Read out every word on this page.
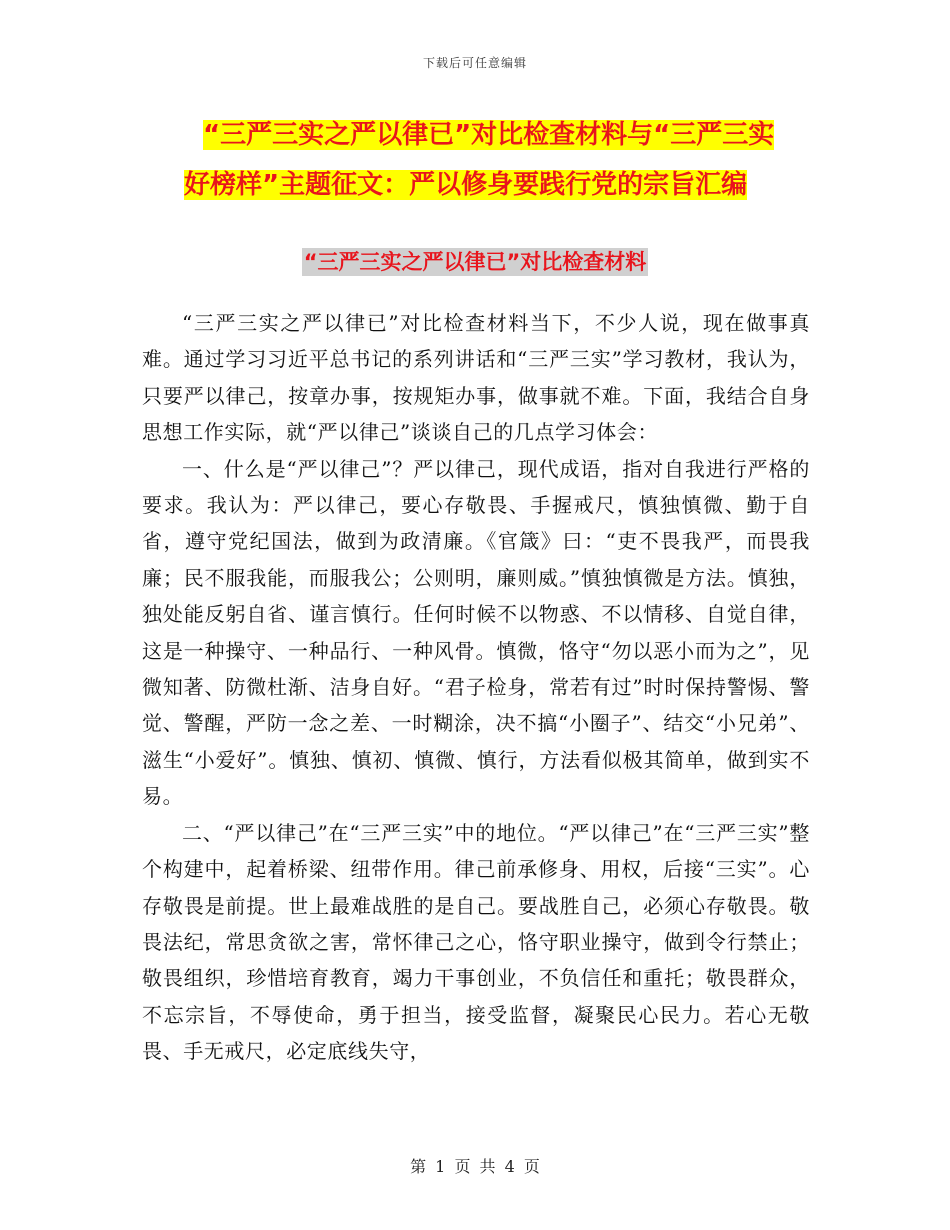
下载后可任意编辑
“三严三实之严以律已”对比检查材料与“三严三实
好榜样”主题征文：严以修身要践行党的宗旨汇编
“三严三实之严以律已”对比检查材料

“三严三实之严以律已”对比检查材料当下，不少人说，现在做事真难。通过学习习近平总书记的系列讲话和“三严三实”学习教材，我认为，只要严以律己，按章办事，按规矩办事，做事就不难。下面，我结合自身思想工作实际，就“严以律己”谈谈自己的几点学习体会：

一、什么是“严以律己”？严以律己，现代成语，指对自我进行严格的要求。我认为：严以律己，要心存敬畏、手握戒尺，慎独慎微、勤于自省，遵守党纪国法，做到为政清廉。《官箴》曰：“吏不畏我严，而畏我廉；民不服我能，而服我公；公则明，廉则威。”慎独慎微是方法。慎独，独处能反躬自省、谨言慎行。任何时候不以物惑、不以情移、自觉自律，这是一种操守、一种品行、一种风骨。慎微，恪守“勿以恶小而为之”，见微知著、防微杜渐、洁身自好。“君子检身，常若有过”时时保持警惕、警觉、警醒，严防一念之差、一时糊涂，决不搞“小圈子”、结交“小兄弟”、滋生“小爱好”。慎独、慎初、慎微、慎行，方法看似极其简单，做到实不易。

二、“严以律己”在“三严三实”中的地位。“严以律己”在“三严三实”整个构建中，起着桥梁、纽带作用。律己前承修身、用权，后接“三实”。心存敬畏是前提。世上最难战胜的是自己。要战胜自己，必须心存敬畏。敬畏法纪，常思贪欲之害，常怀律己之心，恪守职业操守，做到令行禁止；敬畏组织，珍惜培育教育，竭力干事创业，不负信任和重托；敬畏群众，不忘宗旨，不辱使命，勇于担当，接受监督，凝聚民心民力。若心无敬畏、手无戒尺，必定底线失守，

第 1 页 共 4 页
